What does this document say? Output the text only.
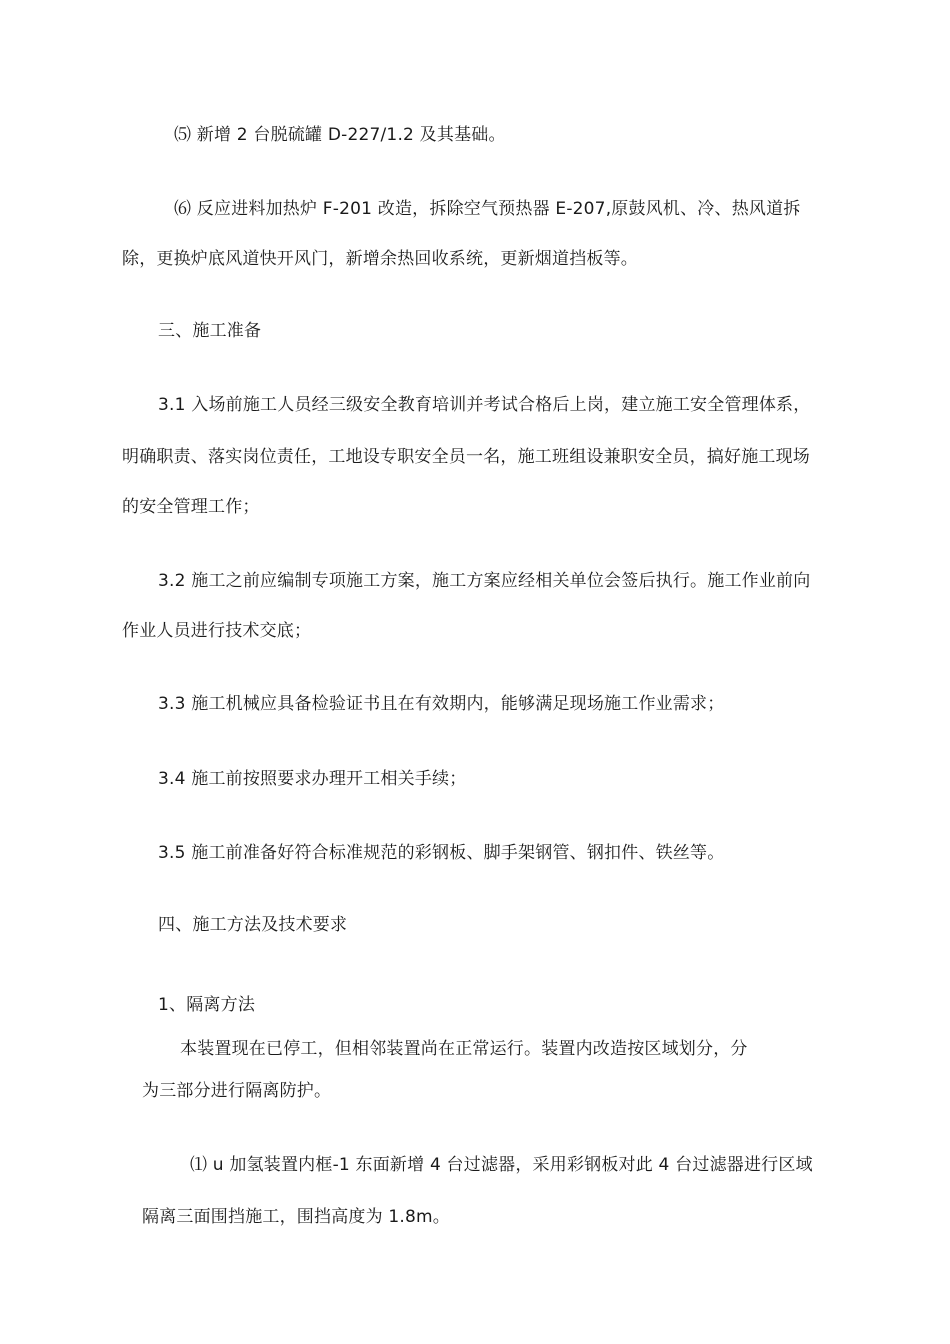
⑸ 新增 2 台脱硫罐 D-227/1.2 及其基础。
⑹ 反应进料加热炉 F-201 改造，拆除空气预热器 E-207,原鼓风机、冷、热风道拆
除，更换炉底风道快开风门，新增余热回收系统，更新烟道挡板等。
三、施工准备
3.1 入场前施工人员经三级安全教育培训并考试合格后上岗，建立施工安全管理体系，
明确职责、落实岗位责任，工地设专职安全员一名，施工班组设兼职安全员，搞好施工现场
的安全管理工作；
3.2 施工之前应编制专项施工方案，施工方案应经相关单位会签后执行。施工作业前向
作业人员进行技术交底；
3.3 施工机械应具备检验证书且在有效期内，能够满足现场施工作业需求；
3.4 施工前按照要求办理开工相关手续；
3.5 施工前准备好符合标准规范的彩钢板、脚手架钢管、钢扣件、铁丝等。
四、施工方法及技术要求
1、隔离方法
本装置现在已停工，但相邻装置尚在正常运行。装置内改造按区域划分，分
为三部分进行隔离防护。
⑴ u 加氢装置内框-1 东面新增 4 台过滤器，采用彩钢板对此 4 台过滤器进行区域
隔离三面围挡施工，围挡高度为 1.8m。
